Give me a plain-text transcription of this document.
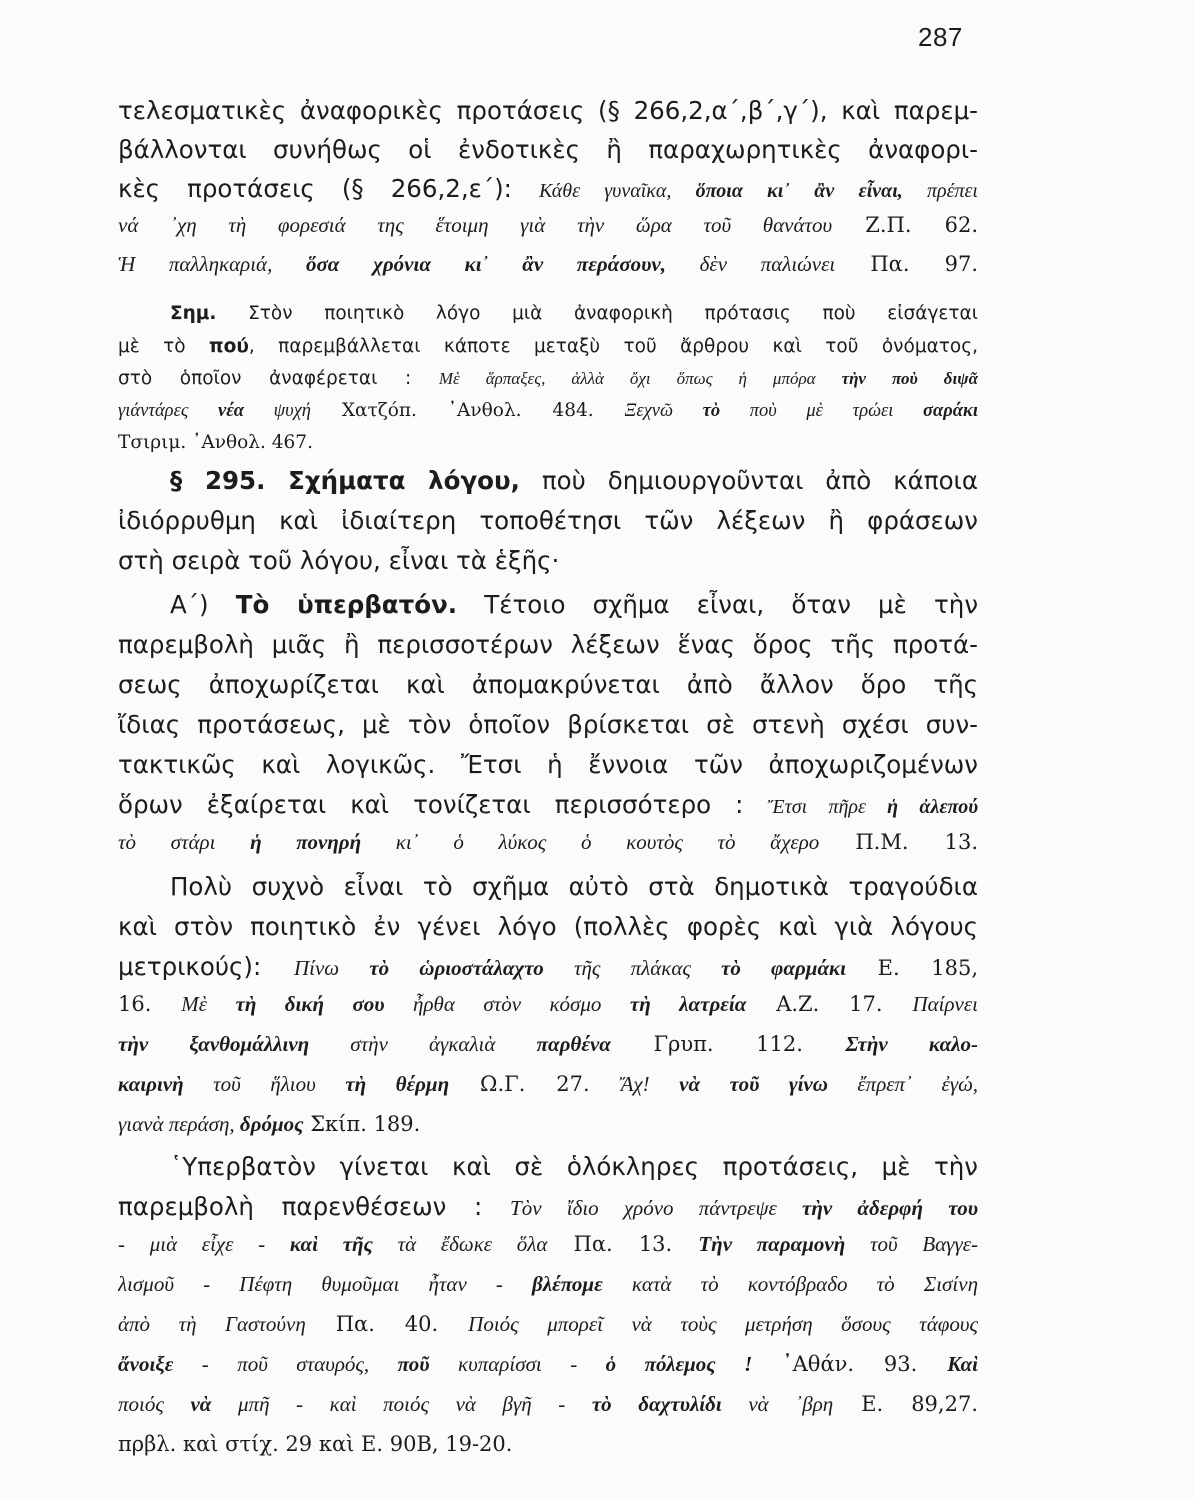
287
τελεσματικὲς ἀναφορικὲς προτάσεις (§ 266,2,α΄,β΄,γ΄), καὶ παρεμ-
βάλλονται συνήθως οἱ ἐνδοτικὲς ἢ παραχωρητικὲς ἀναφορι-
κὲς προτάσεις (§ 266,2,ε΄): Κάθε γυναῖκα, ὅποια κι᾿ ἂν εἶναι, πρέπει
νά ᾿χη τὴ φορεσιά της ἕτοιμη γιὰ τὴν ὥρα τοῦ θανάτου Ζ.Π. 62.
Ἡ παλληκαριά, ὅσα χρόνια κι᾿ ἂν περάσουν, δὲν παλιώνει Πα. 97.
Σημ. Στὸν ποιητικὸ λόγο μιὰ ἀναφορικὴ πρότασις ποὺ εἰσάγεται
μὲ τὸ πού, παρεμβάλλεται κάποτε μεταξὺ τοῦ ἄρθρου καὶ τοῦ ὀνόματος,
στὸ ὁποῖον ἀναφέρεται : Μὲ ἅρπαξες, ἀλλὰ ὄχι ὅπως ἡ μπόρα τὴν ποὺ διψᾶ
γιάντάρες νέα ψυχή Χατζόπ. ᾿Ανθολ. 484. Ξεχνῶ τὸ ποὺ μὲ τρώει σαράκι
Τσιριμ. ᾿Ανθολ. 467.
§ 295. Σχήματα λόγου, ποὺ δημιουργοῦνται ἀπὸ κάποια
ἰδιόρρυθμη καὶ ἰδιαίτερη τοποθέτησι τῶν λέξεων ἢ φράσεων
στὴ σειρὰ τοῦ λόγου, εἶναι τὰ ἑξῆς·
Α΄) Τὸ ὑπερβατόν. Τέτοιο σχῆμα εἶναι, ὅταν μὲ τὴν
παρεμβολὴ μιᾶς ἢ περισσοτέρων λέξεων ἕνας ὅρος τῆς προτά-
σεως ἀποχωρίζεται καὶ ἀπομακρύνεται ἀπὸ ἄλλον ὅρο τῆς
ἴδιας προτάσεως, μὲ τὸν ὁποῖον βρίσκεται σὲ στενὴ σχέσι συν-
τακτικῶς καὶ λογικῶς. Ἔτσι ἡ ἔννοια τῶν ἀποχωριζομένων
ὅρων ἐξαίρεται καὶ τονίζεται περισσότερο : Ἔτσι πῆρε ἡ ἀλεπού
τὸ στάρι ἡ πονηρή κι᾿ ὁ λύκος ὁ κουτὸς τὸ ἄχερο Π.Μ. 13.
Πολὺ συχνὸ εἶναι τὸ σχῆμα αὐτὸ στὰ δημοτικὰ τραγούδια
καὶ στὸν ποιητικὸ ἐν γένει λόγο (πολλὲς φορὲς καὶ γιὰ λόγους
μετρικούς): Πίνω τὸ ὡριοστάλαχτο τῆς πλάκας τὸ φαρμάκι Ε. 185,
16. Μὲ τὴ δική σου ἦρθα στὸν κόσμο τὴ λατρεία Α.Ζ. 17. Παίρνει
τὴν ξανθομάλλινη στὴν ἀγκαλιὰ παρθένα Γρυπ. 112. Στὴν καλο-
καιρινὴ τοῦ ἥλιου τὴ θέρμη Ω.Γ. 27. Ἄχ! νὰ τοῦ γίνω ἔπρεπ᾿ ἐγώ,
γιανὰ περάση, δρόμος Σκίπ. 189.
῾Υπερβατὸν γίνεται καὶ σὲ ὁλόκληρες προτάσεις, μὲ τὴν
παρεμβολὴ παρενθέσεων : Τὸν ἴδιο χρόνο πάντρεψε τὴν ἀδερφή του
- μιὰ εἶχε - καὶ τῆς τὰ ἔδωκε ὅλα Πα. 13. Τὴν παραμονὴ τοῦ Βαγγε-
λισμοῦ - Πέφτη θυμοῦμαι ἦταν - βλέπομε κατὰ τὸ κοντόβραδο τὸ Σισίνη
ἀπὸ τὴ Γαστούνη Πα. 40. Ποιός μπορεῖ νὰ τοὺς μετρήση ὅσους τάφους
ἄνοιξε - ποῦ σταυρός, ποῦ κυπαρίσσι - ὁ πόλεμος ! ᾿Αθάν. 93. Καὶ
ποιός νὰ μπῆ - καὶ ποιός νὰ βγῆ - τὸ δαχτυλίδι νὰ ᾿βρη Ε. 89,27.
πρβλ. καὶ στίχ. 29 καὶ Ε. 90Β, 19-20.
